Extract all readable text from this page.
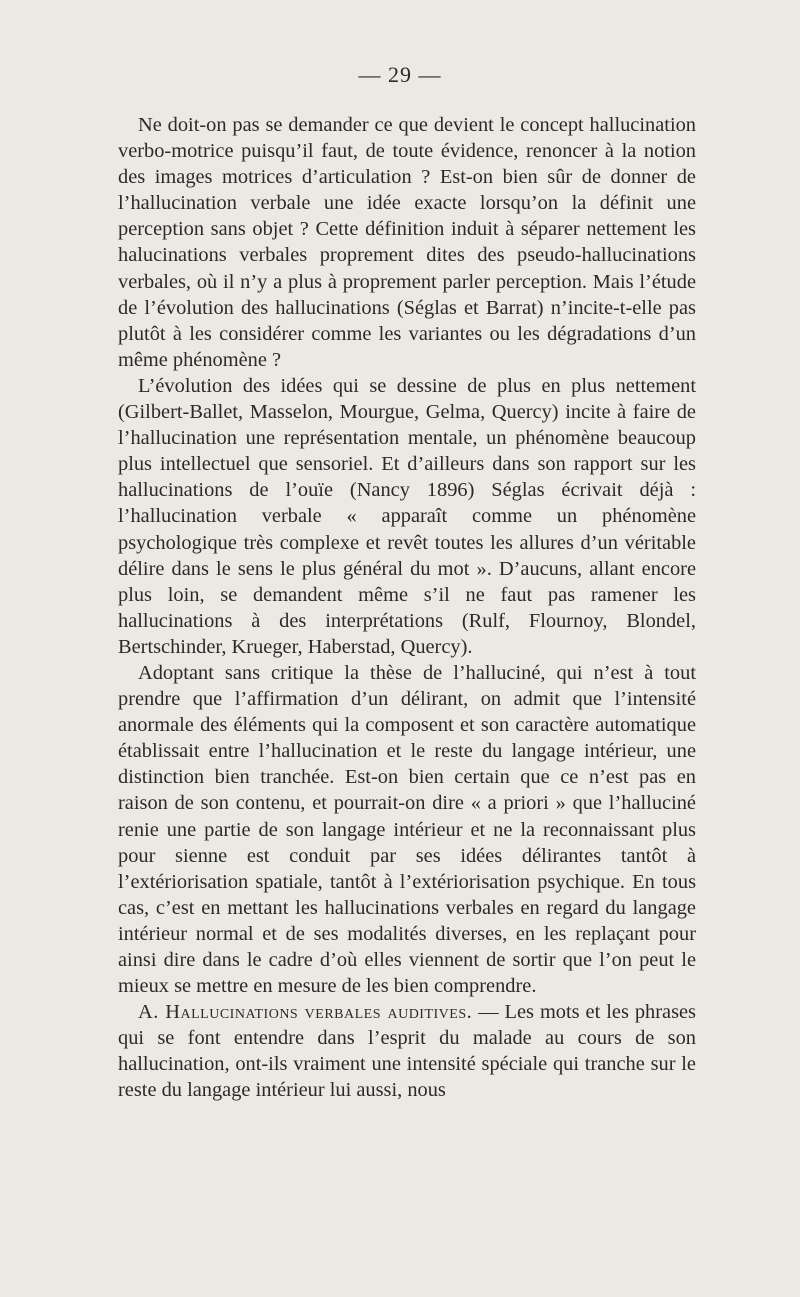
— 29 —

Ne doit-on pas se demander ce que devient le concept hallucination verbo-motrice puisqu’il faut, de toute évidence, renoncer à la notion des images motrices d’articulation ? Est-on bien sûr de donner de l’hallucination verbale une idée exacte lorsqu’on la définit une perception sans objet ? Cette définition induit à séparer nettement les halucinations verbales proprement dites des pseudo-hallucinations verbales, où il n’y a plus à proprement parler perception. Mais l’étude de l’évolution des hallucinations (Séglas et Barrat) n’incite-t-elle pas plutôt à les considérer comme les variantes ou les dégradations d’un même phénomène ?

L’évolution des idées qui se dessine de plus en plus nettement (Gilbert-Ballet, Masselon, Mourgue, Gelma, Quercy) incite à faire de l’hallucination une représentation mentale, un phénomène beaucoup plus intellectuel que sensoriel. Et d’ailleurs dans son rapport sur les hallucinations de l’ouïe (Nancy 1896) Séglas écrivait déjà : l’hallucination verbale « apparaît comme un phénomène psychologique très complexe et revêt toutes les allures d’un véritable délire dans le sens le plus général du mot ». D’aucuns, allant encore plus loin, se demandent même s’il ne faut pas ramener les hallucinations à des interprétations (Rulf, Flournoy, Blondel, Bertschinder, Krueger, Haberstad, Quercy).

Adoptant sans critique la thèse de l’halluciné, qui n’est à tout prendre que l’affirmation d’un délirant, on admit que l’intensité anormale des éléments qui la composent et son caractère automatique établissait entre l’hallucination et le reste du langage intérieur, une distinction bien tranchée. Est-on bien certain que ce n’est pas en raison de son contenu, et pourrait-on dire « a priori » que l’halluciné renie une partie de son langage intérieur et ne la reconnaissant plus pour sienne est conduit par ses idées délirantes tantôt à l’extériorisation spatiale, tantôt à l’extériorisation psychique. En tous cas, c’est en mettant les hallucinations verbales en regard du langage intérieur normal et de ses modalités diverses, en les replaçant pour ainsi dire dans le cadre d’où elles viennent de sortir que l’on peut le mieux se mettre en mesure de les bien comprendre.

A. Hallucinations verbales auditives. — Les mots et les phrases qui se font entendre dans l’esprit du malade au cours de son hallucination, ont-ils vraiment une intensité spéciale qui tranche sur le reste du langage intérieur lui aussi, nous
